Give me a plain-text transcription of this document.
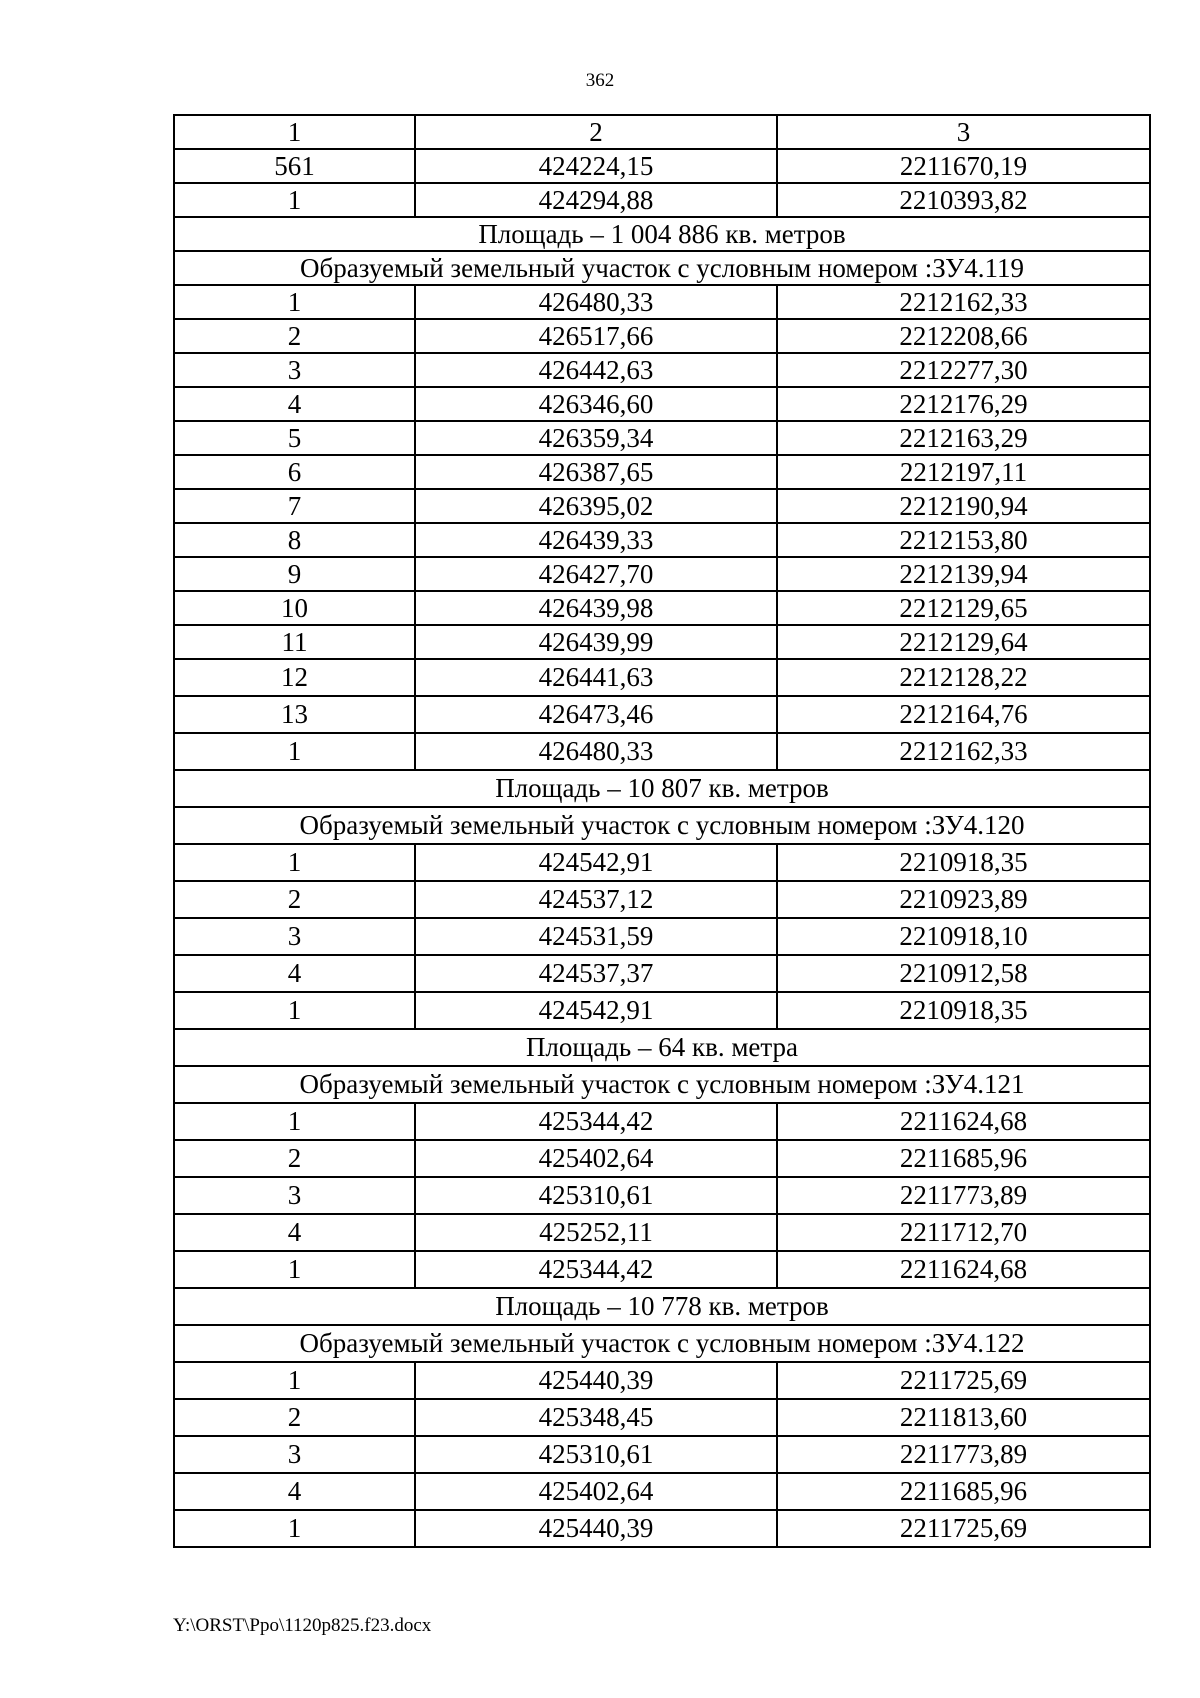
362
1	2	3
561	424224,15	2211670,19
1	424294,88	2210393,82
Площадь – 1 004 886 кв. метров		
Образуемый земельный участок с условным номером :ЗУ4.119		
1	426480,33	2212162,33
2	426517,66	2212208,66
3	426442,63	2212277,30
4	426346,60	2212176,29
5	426359,34	2212163,29
6	426387,65	2212197,11
7	426395,02	2212190,94
8	426439,33	2212153,80
9	426427,70	2212139,94
10	426439,98	2212129,65
11	426439,99	2212129,64
12	426441,63	2212128,22
13	426473,46	2212164,76
1	426480,33	2212162,33
Площадь – 10 807 кв. метров		
Образуемый земельный участок с условным номером :ЗУ4.120		
1	424542,91	2210918,35
2	424537,12	2210923,89
3	424531,59	2210918,10
4	424537,37	2210912,58
1	424542,91	2210918,35
Площадь – 64 кв. метра		
Образуемый земельный участок с условным номером :ЗУ4.121		
1	425344,42	2211624,68
2	425402,64	2211685,96
3	425310,61	2211773,89
4	425252,11	2211712,70
1	425344,42	2211624,68
Площадь – 10 778 кв. метров		
Образуемый земельный участок с условным номером :ЗУ4.122		
1	425440,39	2211725,69
2	425348,45	2211813,60
3	425310,61	2211773,89
4	425402,64	2211685,96
1	425440,39	2211725,69
Y:\ORST\Ppo\1120p825.f23.docx
